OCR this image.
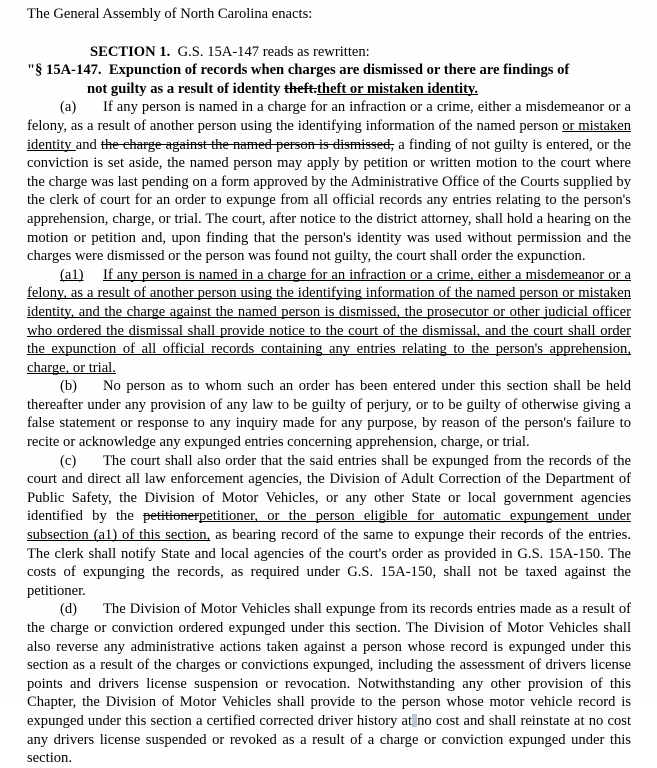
The General Assembly of North Carolina enacts:

SECTION 1. G.S. 15A-147 reads as rewritten:

"§ 15A-147. Expunction of records when charges are dismissed or there are findings of
not guilty as a result of identity theft.theft or mistaken identity.

(a) If any person is named in a charge for an infraction or a crime, either a misdemeanor or a felony, as a result of another person using the identifying information of the named person or mistaken identity and the charge against the named person is dismissed, a finding of not guilty is entered, or the conviction is set aside, the named person may apply by petition or written motion to the court where the charge was last pending on a form approved by the Administrative Office of the Courts supplied by the clerk of court for an order to expunge from all official records any entries relating to the person's apprehension, charge, or trial. The court, after notice to the district attorney, shall hold a hearing on the motion or petition and, upon finding that the person's identity was used without permission and the charges were dismissed or the person was found not guilty, the court shall order the expunction.

(a1) If any person is named in a charge for an infraction or a crime, either a misdemeanor or a felony, as a result of another person using the identifying information of the named person or mistaken identity, and the charge against the named person is dismissed, the prosecutor or other judicial officer who ordered the dismissal shall provide notice to the court of the dismissal, and the court shall order the expunction of all official records containing any entries relating to the person's apprehension, charge, or trial.

(b) No person as to whom such an order has been entered under this section shall be held thereafter under any provision of any law to be guilty of perjury, or to be guilty of otherwise giving a false statement or response to any inquiry made for any purpose, by reason of the person's failure to recite or acknowledge any expunged entries concerning apprehension, charge, or trial.

(c) The court shall also order that the said entries shall be expunged from the records of the court and direct all law enforcement agencies, the Division of Adult Correction of the Department of Public Safety, the Division of Motor Vehicles, or any other State or local government agencies identified by the petitionerpetitioner, or the person eligible for automatic expungement under subsection (a1) of this section, as bearing record of the same to expunge their records of the entries. The clerk shall notify State and local agencies of the court's order as provided in G.S. 15A-150. The costs of expunging the records, as required under G.S. 15A-150, shall not be taxed against the petitioner.

(d) The Division of Motor Vehicles shall expunge from its records entries made as a result of the charge or conviction ordered expunged under this section. The Division of Motor Vehicles shall also reverse any administrative actions taken against a person whose record is expunged under this section as a result of the charges or convictions expunged, including the assessment of drivers license points and drivers license suspension or revocation. Notwithstanding any other provision of this Chapter, the Division of Motor Vehicles shall provide to the person whose motor vehicle record is expunged under this section a certified corrected driver history at no cost and shall reinstate at no cost any drivers license suspended or revoked as a result of a charge or conviction expunged under this section.
